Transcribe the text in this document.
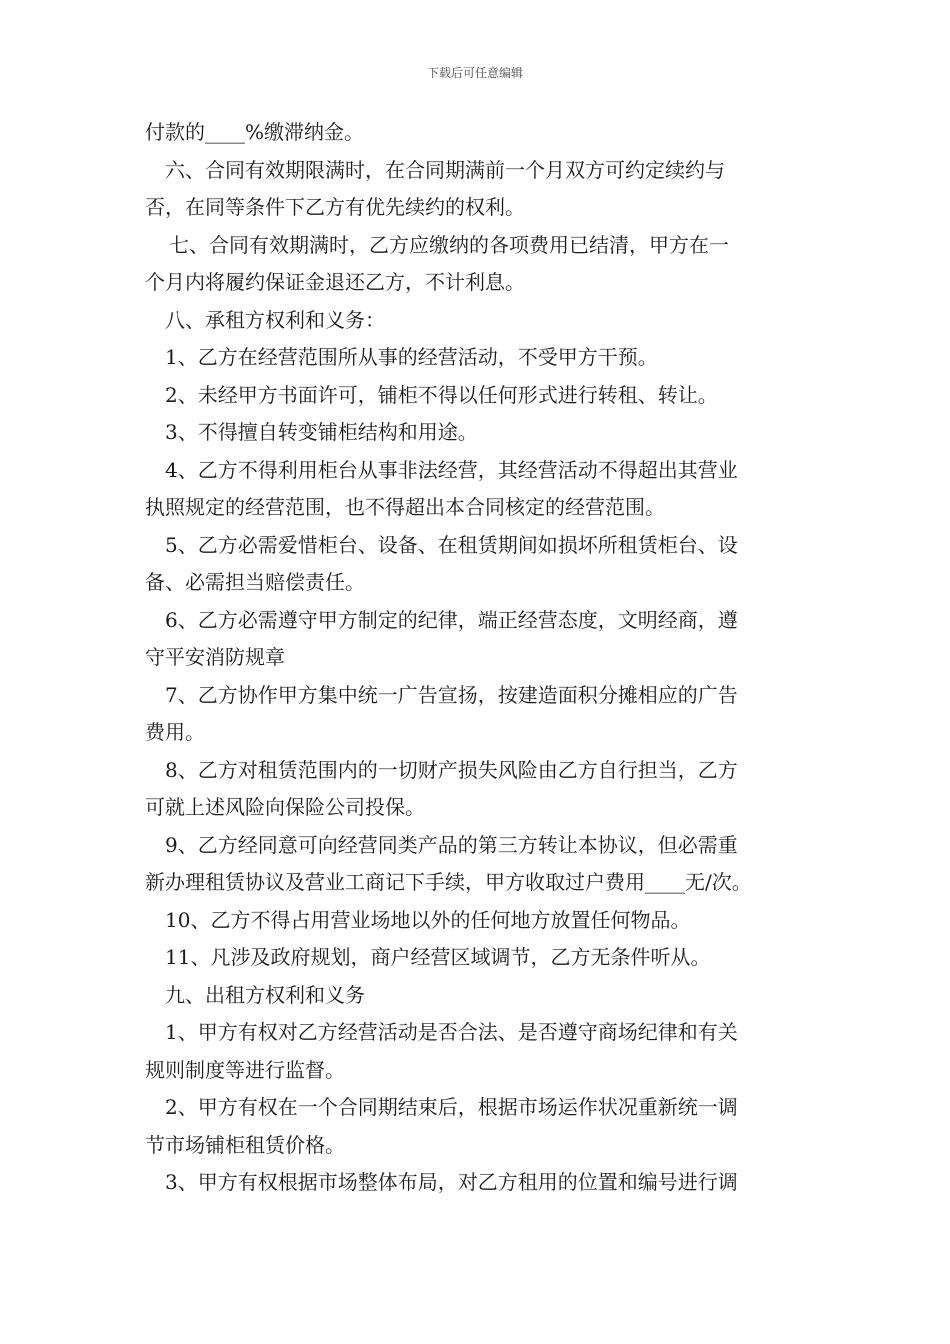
下载后可任意编辑
付款的____%缴滞纳金。
六、合同有效期限满时，在合同期满前一个月双方可约定续约与
否，在同等条件下乙方有优先续约的权利。
七、合同有效期满时，乙方应缴纳的各项费用已结清，甲方在一
个月内将履约保证金退还乙方，不计利息。
八、承租方权利和义务：
1、乙方在经营范围所从事的经营活动，不受甲方干预。
2、未经甲方书面许可，铺柜不得以任何形式进行转租、转让。
3、不得擅自转变铺柜结构和用途。
4、乙方不得利用柜台从事非法经营，其经营活动不得超出其营业
执照规定的经营范围，也不得超出本合同核定的经营范围。
5、乙方必需爱惜柜台、设备、在租赁期间如损坏所租赁柜台、设
备、必需担当赔偿责任。
6、乙方必需遵守甲方制定的纪律，端正经营态度，文明经商，遵
守平安消防规章
7、乙方协作甲方集中统一广告宣扬，按建造面积分摊相应的广告
费用。
8、乙方对租赁范围内的一切财产损失风险由乙方自行担当，乙方
可就上述风险向保险公司投保。
9、乙方经同意可向经营同类产品的第三方转让本协议，但必需重
新办理租赁协议及营业工商记下手续，甲方收取过户费用____无/次。
10、乙方不得占用营业场地以外的任何地方放置任何物品。
11、凡涉及政府规划，商户经营区域调节，乙方无条件听从。
九、出租方权利和义务
1、甲方有权对乙方经营活动是否合法、是否遵守商场纪律和有关
规则制度等进行监督。
2、甲方有权在一个合同期结束后，根据市场运作状况重新统一调
节市场铺柜租赁价格。
3、甲方有权根据市场整体布局，对乙方租用的位置和编号进行调
